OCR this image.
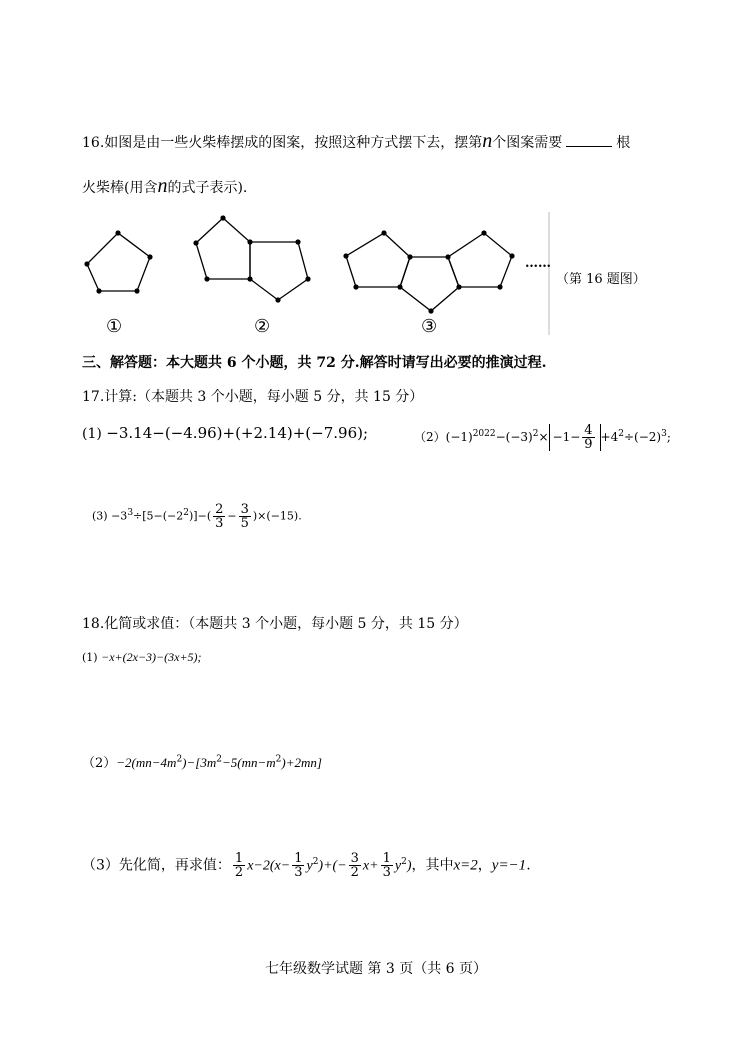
16.如图是由一些火柴棒摆成的图案，按照这种方式摆下去，摆第n个图案需要	根
火柴棒(用含n的式子表示).
①	②	③
……
（第 16 题图）
三、解答题：本大题共 6 个小题，共 72 分.解答时请写出必要的推演过程.
17.计算:（本题共 3 个小题，每小题 5 分，共 15 分）
(1) −3.14−(−4.96)+(+2.14)+(−7.96);	$(2)(-1)^{2022}-(-3)^2\times -1- \frac{4}{9} +4^2\div(-2)^3$;
$(3) -3^3\div[5-(-2^2)]-( \frac{2}{3} - \frac{3}{5} )\times(-15)$.
18.化简或求值：（本题共 3 个小题，每小题 5 分，共 15 分）
(1) −x+(2x−3)−(3x+5);
$(2)-2(mn-4m^2)-[3m^2-5(mn-m^2)+2mn]$
（3）先化简，再求值： $\frac{1}{2} x-2(x- \frac{1}{3} y^2)+(- \frac{3}{2} x+ \frac{1}{3} y^2)$，其中x=2，y=−1.
七年级数学试题 第 3 页（共 6 页）
